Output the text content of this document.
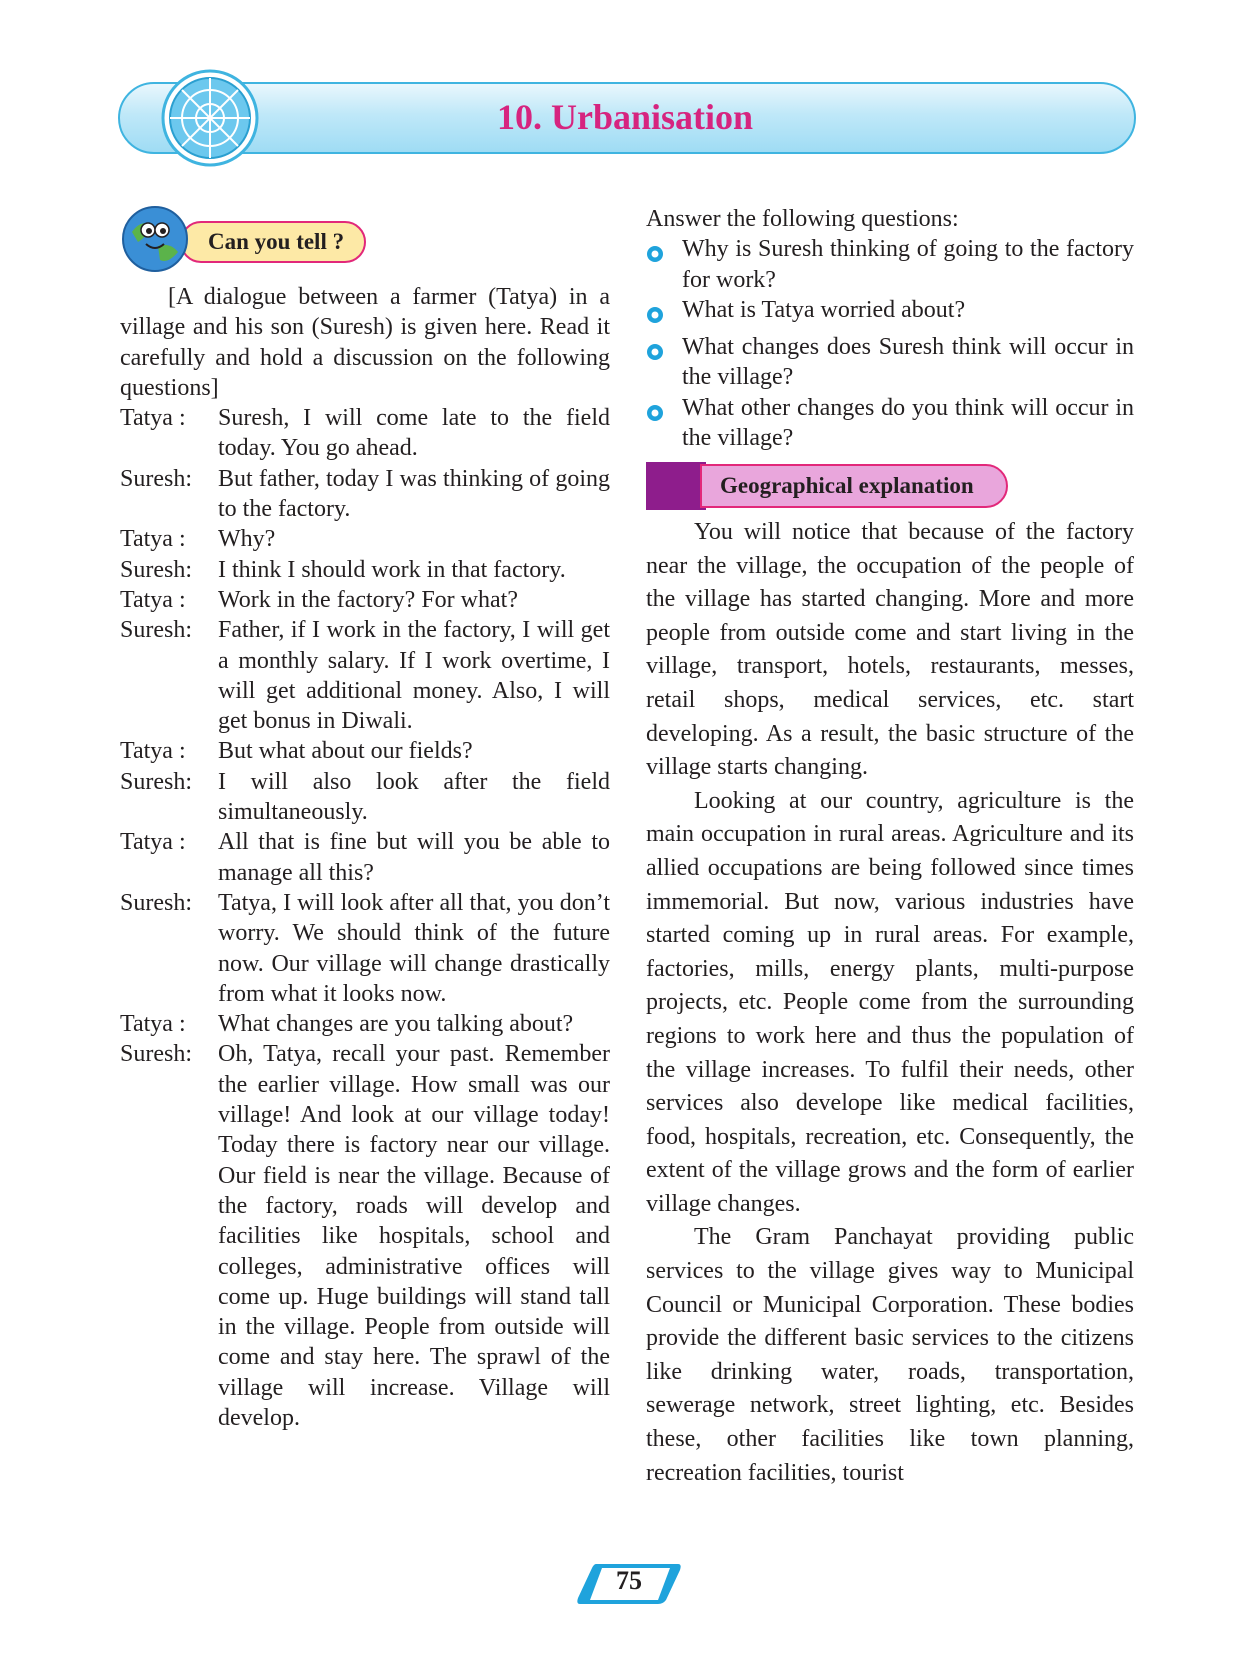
10. Urbanisation
Can you tell ?

[A dialogue between a farmer (Tatya) in a village and his son (Suresh) is given here. Read it carefully and hold a discussion on the following questions]

Tatya :	Suresh, I will come late to the field today. You go ahead.
Suresh:	But father, today I was thinking of going to the factory.
Tatya :	Why?
Suresh:	I think I should work in that factory.
Tatya :	Work in the factory? For what?
Suresh:	Father, if I work in the factory, I will get a monthly salary. If I work overtime, I will get additional money. Also, I will get bonus in Diwali.
Tatya :	But what about our fields?
Suresh:	I will also look after the field simultaneously.
Tatya :	All that is fine but will you be able to manage all this?
Suresh:	Tatya, I will look after all that, you don’t worry. We should think of the future now. Our village will change drastically from what it looks now.
Tatya :	What changes are you talking about?
Suresh:	Oh, Tatya, recall your past. Remember the earlier village. How small was our village! And look at our village today! Today there is factory near our village. Our field is near the village. Because of the factory, roads will develop and facilities like hospitals, school and colleges, administrative offices will come up. Huge buildings will stand tall in the village. People from outside will come and stay here. The sprawl of the village will increase. Village will develop.

Answer the following questions:

Why is Suresh thinking of going to the factory for work?
What is Tatya worried about?
What changes does Suresh think will occur in the village?
What other changes do you think will occur in the village?
Geographical explanation

You will notice that because of the factory near the village, the occupation of the people of the village has started changing. More and more people from outside come and start living in the village, transport, hotels, restaurants, messes, retail shops, medical services, etc. start developing. As a result, the basic structure of the village starts changing.

Looking at our country, agriculture is the main occupation in rural areas. Agriculture and its allied occupations are being followed since times immemorial. But now, various industries have started coming up in rural areas. For example, factories, mills, energy plants, multi-purpose projects, etc. People come from the surrounding regions to work here and thus the population of the village increases. To fulfil their needs, other services also develope like medical facilities, food, hospitals, recreation, etc. Consequently, the extent of the village grows and the form of earlier village changes.

The Gram Panchayat providing public services to the village gives way to Municipal Council or Municipal Corporation. These bodies provide the different basic services to the citizens like drinking water, roads, transportation, sewerage network, street lighting, etc. Besides these, other facilities like town planning, recreation facilities, tourist

75
